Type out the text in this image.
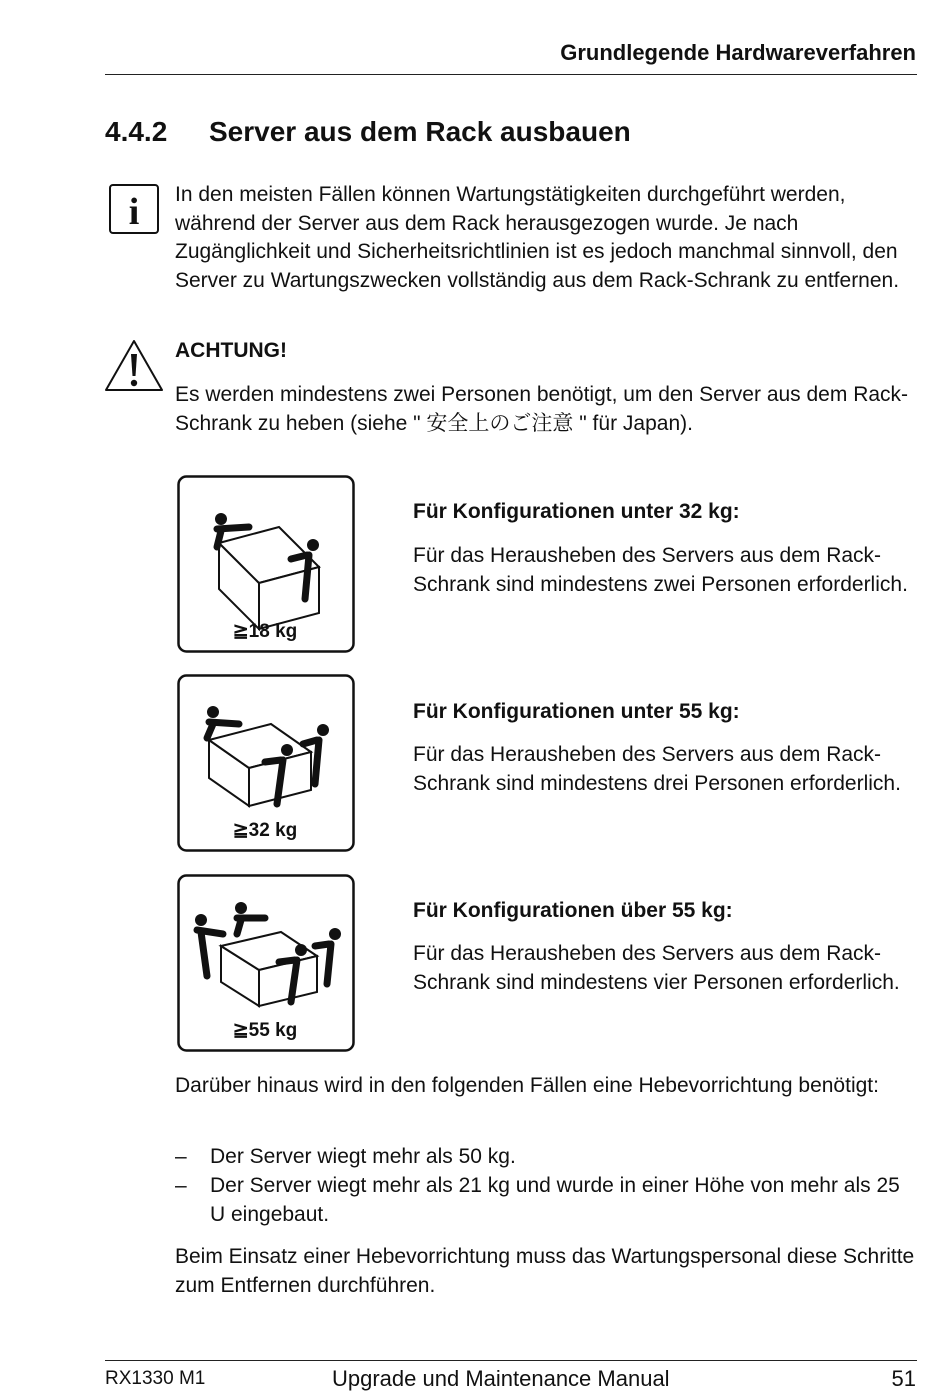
Grundlegende Hardwareverfahren
4.4.2 Server aus dem Rack ausbauen
i In den meisten Fällen können Wartungstätigkeiten durchgeführt werden, während der Server aus dem Rack herausgezogen wurde. Je nach Zugänglichkeit und Sicherheitsrichtlinien ist es jedoch manchmal sinnvoll, den Server zu Wartungszwecken vollständig aus dem Rack-Schrank zu entfernen.
ACHTUNG!
Es werden mindestens zwei Personen benötigt, um den Server aus dem Rack-Schrank zu heben (siehe " 安全上のご注意 " für Japan).
≧18 kg
Für Konfigurationen unter 32 kg:
Für das Herausheben des Servers aus dem Rack-Schrank sind mindestens zwei Personen erforderlich.
≧32 kg
Für Konfigurationen unter 55 kg:
Für das Herausheben des Servers aus dem Rack-Schrank sind mindestens drei Personen erforderlich.
≧55 kg
Für Konfigurationen über 55 kg:
Für das Herausheben des Servers aus dem Rack-Schrank sind mindestens vier Personen erforderlich.
Darüber hinaus wird in den folgenden Fällen eine Hebevorrichtung benötigt:
– Der Server wiegt mehr als 50 kg.
– Der Server wiegt mehr als 21 kg und wurde in einer Höhe von mehr als 25 U eingebaut.
Beim Einsatz einer Hebevorrichtung muss das Wartungspersonal diese Schritte zum Entfernen durchführen.
RX1330 M1	Upgrade und Maintenance Manual	51
